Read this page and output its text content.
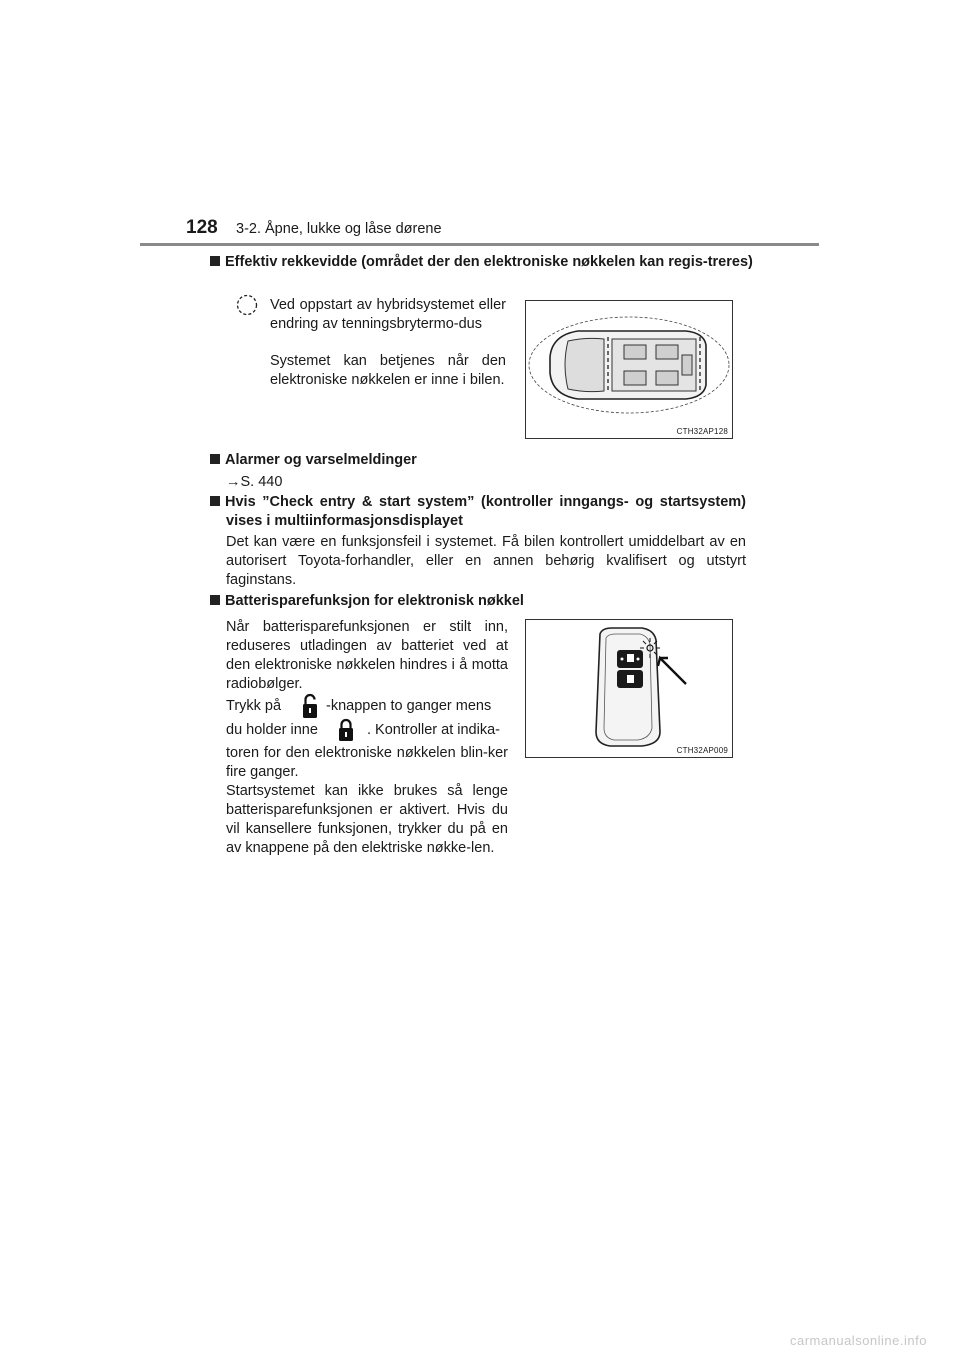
128 3-2. Åpne, lukke og låse dørene
Effektiv rekkevidde (området der den elektroniske nøkkelen kan regis-treres)
Ved oppstart av hybridsystemet eller endring av tenningsbrytermo-dus
Systemet kan betjenes når den elektroniske nøkkelen er inne i bilen.
CTH32AP128
Alarmer og varselmeldinger
→S. 440
Hvis ”Check entry & start system” (kontroller inngangs- og startsystem) vises i multiinformasjonsdisplayet
Det kan være en funksjonsfeil i systemet. Få bilen kontrollert umiddelbart av en autorisert Toyota-forhandler, eller en annen behørig kvalifisert og utstyrt faginstans.
Batterisparefunksjon for elektronisk nøkkel
Når batterisparefunksjonen er stilt inn, reduseres utladingen av batteriet ved at den elektroniske nøkkelen hindres i å motta radiobølger.
Trykk på	-knappen to ganger mens
du holder inne	. Kontroller at indika-
toren for den elektroniske nøkkelen blin-ker fire ganger.
Startsystemet kan ikke brukes så lenge batterisparefunksjonen er aktivert. Hvis du vil kansellere funksjonen, trykker du på en av knappene på den elektriske nøkke-len.
CTH32AP009
carmanualsonline.info
